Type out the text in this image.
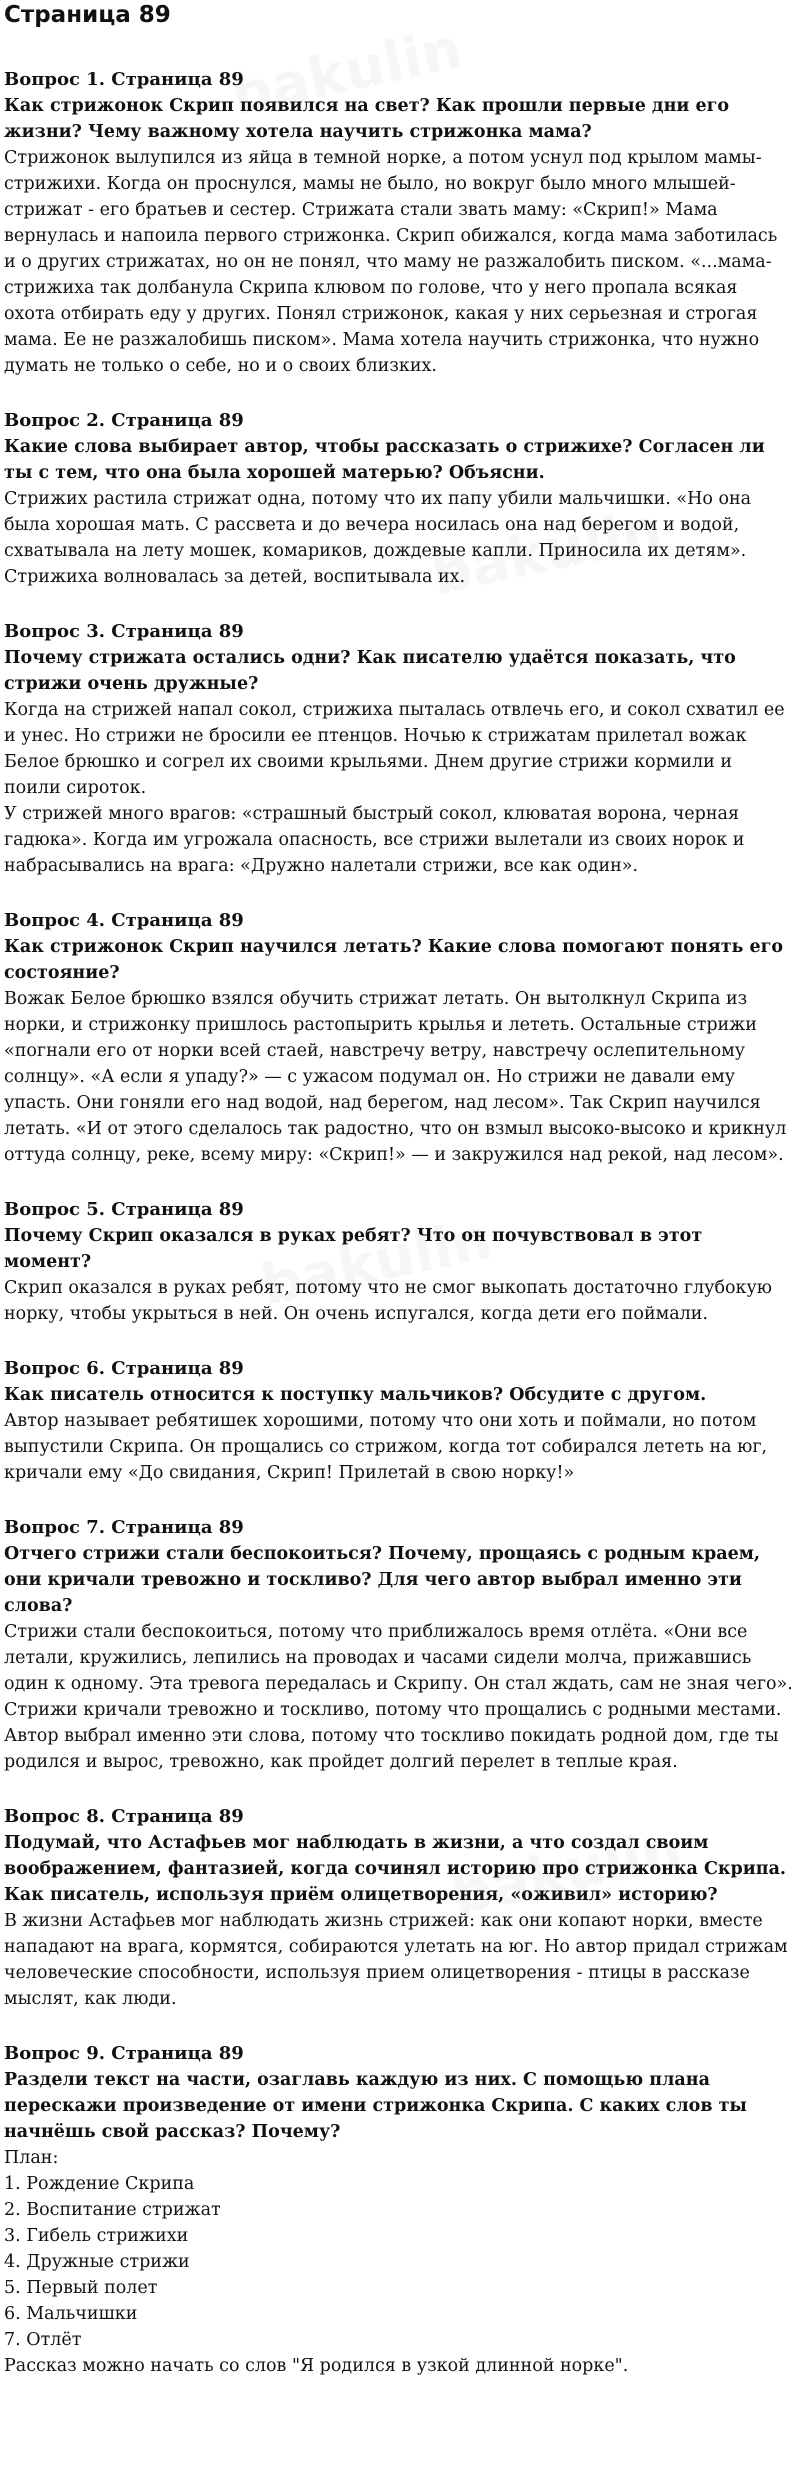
Страница 89

Вопрос 1. Страница 89

Как стрижонок Скрип появился на свет? Как прошли первые дни его жизни? Чему важному хотела научить стрижонка мама?

Стрижонок вылупился из яйца в темной норке, а потом уснул под крылом мамы-стрижихи. Когда он проснулся, мамы не было, но вокруг было много млышей-стрижат - его братьев и сестер. Стрижата стали звать маму: «Скрип!» Мама вернулась и напоила первого стрижонка. Скрип обижался, когда мама заботилась и о других стрижатах, но он не понял, что маму не разжалобить писком. «...мама-стрижиха так долбанула Скрипа клювом по голове, что у него пропала всякая охота отбирать еду у других. Понял стрижонок, какая у них серьезная и строгая мама. Ее не разжалобишь писком». Мама хотела научить стрижонка, что нужно думать не только о себе, но и о своих близких.

Вопрос 2. Страница 89

Какие слова выбирает автор, чтобы рассказать о стрижихе? Согласен ли ты с тем, что она была хорошей матерью? Объясни.

Стрижих растила стрижат одна, потому что их папу убили мальчишки. «Но она была хорошая мать. С рассвета и до вечера носилась она над берегом и водой, схватывала на лету мошек, комариков, дождевые капли. Приносила их детям». Стрижиха волновалась за детей, воспитывала их.

Вопрос 3. Страница 89

Почему стрижата остались одни? Как писателю удаётся показать, что стрижи очень дружные?

Когда на стрижей напал сокол, стрижиха пыталась отвлечь его, и сокол схватил ее и унес. Но стрижи не бросили ее птенцов. Ночью к стрижатам прилетал вожак Белое брюшко и согрел их своими крыльями. Днем другие стрижи кормили и поили сироток.

У стрижей много врагов: «страшный быстрый сокол, клюватая ворона, черная гадюка». Когда им угрожала опасность, все стрижи вылетали из своих норок и набрасывались на врага: «Дружно налетали стрижи, все как один».

Вопрос 4. Страница 89

Как стрижонок Скрип научился летать? Какие слова помогают понять его состояние?

Вожак Белое брюшко взялся обучить стрижат летать. Он вытолкнул Скрипа из норки, и стрижонку пришлось растопырить крылья и лететь. Остальные стрижи «погнали его от норки всей стаей, навстречу ветру, навстречу ослепительному солнцу». «А если я упаду?» — с ужасом подумал он. Но стрижи не давали ему упасть. Они гоняли его над водой, над берегом, над лесом». Так Скрип научился летать. «И от этого сделалось так радостно, что он взмыл высоко-высоко и крикнул оттуда солнцу, реке, всему миру: «Скрип!» — и закружился над рекой, над лесом».

Вопрос 5. Страница 89

Почему Скрип оказался в руках ребят? Что он почувствовал в этот момент?

Скрип оказался в руках ребят, потому что не смог выкопать достаточно глубокую норку, чтобы укрыться в ней. Он очень испугался, когда дети его поймали.

Вопрос 6. Страница 89

Как писатель относится к поступку мальчиков? Обсудите с другом.

Автор называет ребятишек хорошими, потому что они хоть и поймали, но потом выпустили Скрипа. Он прощались со стрижом, когда тот собирался лететь на юг, кричали ему «До свидания, Скрип! Прилетай в свою норку!»

Вопрос 7. Страница 89

Отчего стрижи стали беспокоиться? Почему, прощаясь с родным краем, они кричали тревожно и тоскливо? Для чего автор выбрал именно эти слова?

Стрижи стали беспокоиться, потому что приближалось время отлёта. «Они все летали, кружились, лепились на проводах и часами сидели молча, прижавшись один к одному. Эта тревога передалась и Скрипу. Он стал ждать, сам не зная чего». Стрижи кричали тревожно и тоскливо, потому что прощались с родными местами. Автор выбрал именно эти слова, потому что тоскливо покидать родной дом, где ты родился и вырос, тревожно, как пройдет долгий перелет в теплые края.

Вопрос 8. Страница 89

Подумай, что Астафьев мог наблюдать в жизни, а что создал своим воображением, фантазией, когда сочинял историю про стрижонка Скрипа. Как писатель, используя приём олицетворения, «оживил» историю?

В жизни Астафьев мог наблюдать жизнь стрижей: как они копают норки, вместе нападают на врага, кормятся, собираются улетать на юг. Но автор придал стрижам человеческие способности, используя прием олицетворения - птицы в рассказе мыслят, как люди.

Вопрос 9. Страница 89

Раздели текст на части, озаглавь каждую из них. С помощью плана перескажи произведение от имени стрижонка Скрипа. С каких слов ты начнёшь свой рассказ? Почему?

План:

1. Рождение Скрипа

2. Воспитание стрижат

3. Гибель стрижихи

4. Дружные стрижи

5. Первый полет

6. Мальчишки

7. Отлёт

Рассказ можно начать со слов "Я родился в узкой длинной норке".
